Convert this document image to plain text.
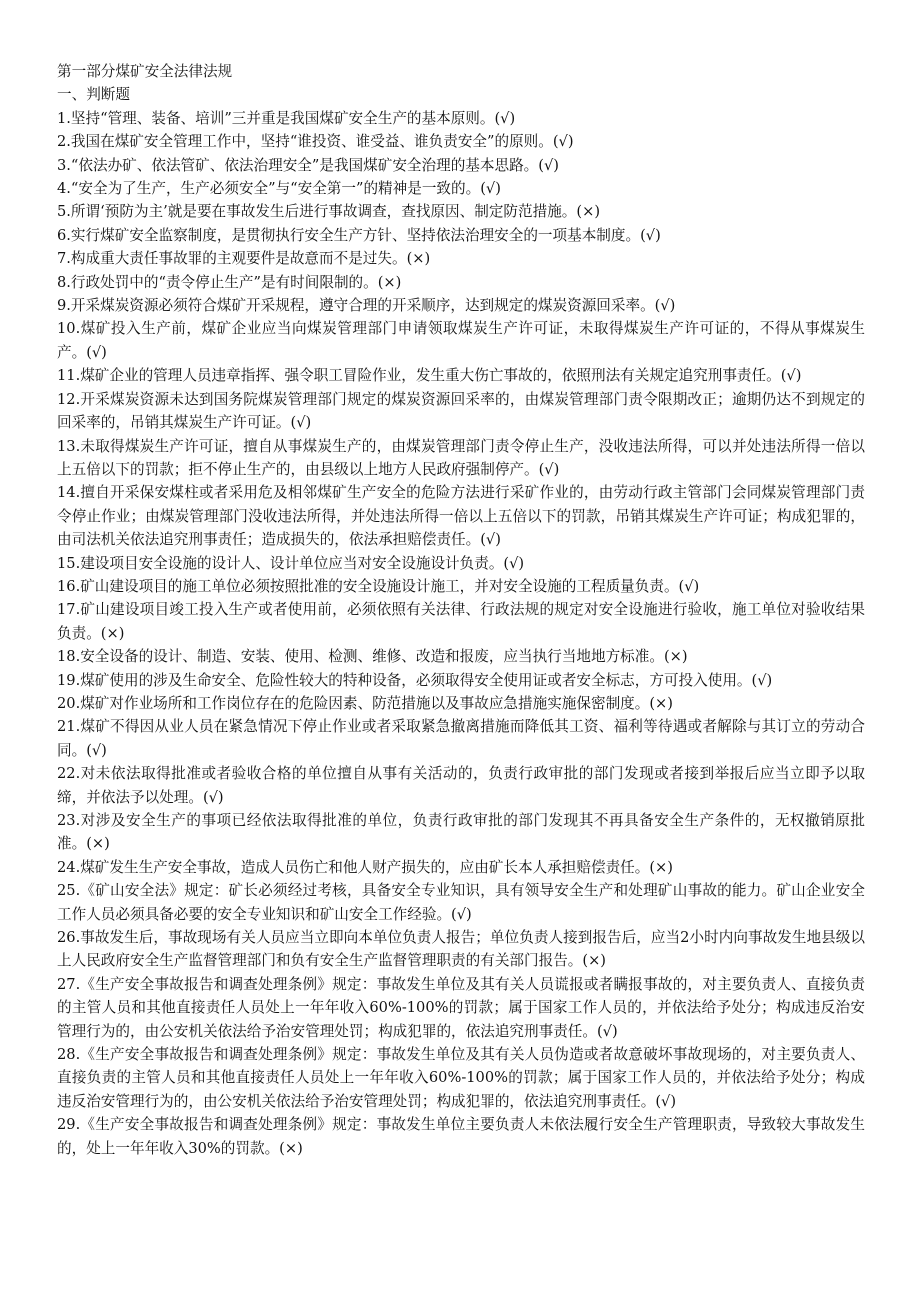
第一部分煤矿安全法律法规

一、判断题

1.坚持“管理、装备、培训”三并重是我国煤矿安全生产的基本原则。(√)

2.我国在煤矿安全管理工作中，坚持“谁投资、谁受益、谁负责安全”的原则。(√)

3.“依法办矿、依法管矿、依法治理安全”是我国煤矿安全治理的基本思路。(√)

4.“安全为了生产，生产必须安全”与“安全第一”的精神是一致的。(√)

5.所谓‘预防为主’就是要在事故发生后进行事故调查，查找原因、制定防范措施。(×)

6.实行煤矿安全监察制度，是贯彻执行安全生产方针、坚持依法治理安全的一项基本制度。(√)

7.构成重大责任事故罪的主观要件是故意而不是过失。(×)

8.行政处罚中的“责令停止生产”是有时间限制的。(×)

9.开采煤炭资源必须符合煤矿开采规程，遵守合理的开采顺序，达到规定的煤炭资源回采率。(√)

10.煤矿投入生产前，煤矿企业应当向煤炭管理部门申请领取煤炭生产许可证，未取得煤炭生产许可证的，不得从事煤炭生产。(√)

11.煤矿企业的管理人员违章指挥、强令职工冒险作业，发生重大伤亡事故的，依照刑法有关规定追究刑事责任。(√)

12.开采煤炭资源未达到国务院煤炭管理部门规定的煤炭资源回采率的，由煤炭管理部门责令限期改正；逾期仍达不到规定的回采率的，吊销其煤炭生产许可证。(√)

13.未取得煤炭生产许可证，擅自从事煤炭生产的，由煤炭管理部门责令停止生产，没收违法所得，可以并处违法所得一倍以上五倍以下的罚款；拒不停止生产的，由县级以上地方人民政府强制停产。(√)

14.擅自开采保安煤柱或者采用危及相邻煤矿生产安全的危险方法进行采矿作业的，由劳动行政主管部门会同煤炭管理部门责令停止作业；由煤炭管理部门没收违法所得，并处违法所得一倍以上五倍以下的罚款，吊销其煤炭生产许可证；构成犯罪的，由司法机关依法追究刑事责任；造成损失的，依法承担赔偿责任。(√)

15.建设项目安全设施的设计人、设计单位应当对安全设施设计负责。(√)

16.矿山建设项目的施工单位必须按照批准的安全设施设计施工，并对安全设施的工程质量负责。(√)

17.矿山建设项目竣工投入生产或者使用前，必须依照有关法律、行政法规的规定对安全设施进行验收，施工单位对验收结果负责。(×)

18.安全设备的设计、制造、安装、使用、检测、维修、改造和报废，应当执行当地地方标准。(×)

19.煤矿使用的涉及生命安全、危险性较大的特种设备，必须取得安全使用证或者安全标志，方可投入使用。(√)

20.煤矿对作业场所和工作岗位存在的危险因素、防范措施以及事故应急措施实施保密制度。(×)

21.煤矿不得因从业人员在紧急情况下停止作业或者采取紧急撤离措施而降低其工资、福利等待遇或者解除与其订立的劳动合同。(√)

22.对未依法取得批准或者验收合格的单位擅自从事有关活动的，负责行政审批的部门发现或者接到举报后应当立即予以取缔，并依法予以处理。(√)

23.对涉及安全生产的事项已经依法取得批准的单位，负责行政审批的部门发现其不再具备安全生产条件的，无权撤销原批准。(×)

24.煤矿发生生产安全事故，造成人员伤亡和他人财产损失的，应由矿长本人承担赔偿责任。(×)

25.《矿山安全法》规定：矿长必须经过考核，具备安全专业知识，具有领导安全生产和处理矿山事故的能力。矿山企业安全工作人员必须具备必要的安全专业知识和矿山安全工作经验。(√)

26.事故发生后，事故现场有关人员应当立即向本单位负责人报告；单位负责人接到报告后，应当2小时内向事故发生地县级以上人民政府安全生产监督管理部门和负有安全生产监督管理职责的有关部门报告。(×)

27.《生产安全事故报告和调查处理条例》规定：事故发生单位及其有关人员谎报或者瞒报事故的，对主要负责人、直接负责的主管人员和其他直接责任人员处上一年年收入60%-100%的罚款；属于国家工作人员的，并依法给予处分；构成违反治安管理行为的，由公安机关依法给予治安管理处罚；构成犯罪的，依法追究刑事责任。(√)

28.《生产安全事故报告和调查处理条例》规定：事故发生单位及其有关人员伪造或者故意破坏事故现场的，对主要负责人、直接负责的主管人员和其他直接责任人员处上一年年收入60%-100%的罚款；属于国家工作人员的，并依法给予处分；构成违反治安管理行为的，由公安机关依法给予治安管理处罚；构成犯罪的，依法追究刑事责任。(√)

29.《生产安全事故报告和调查处理条例》规定：事故发生单位主要负责人未依法履行安全生产管理职责，导致较大事故发生的，处上一年年收入30%的罚款。(×)
